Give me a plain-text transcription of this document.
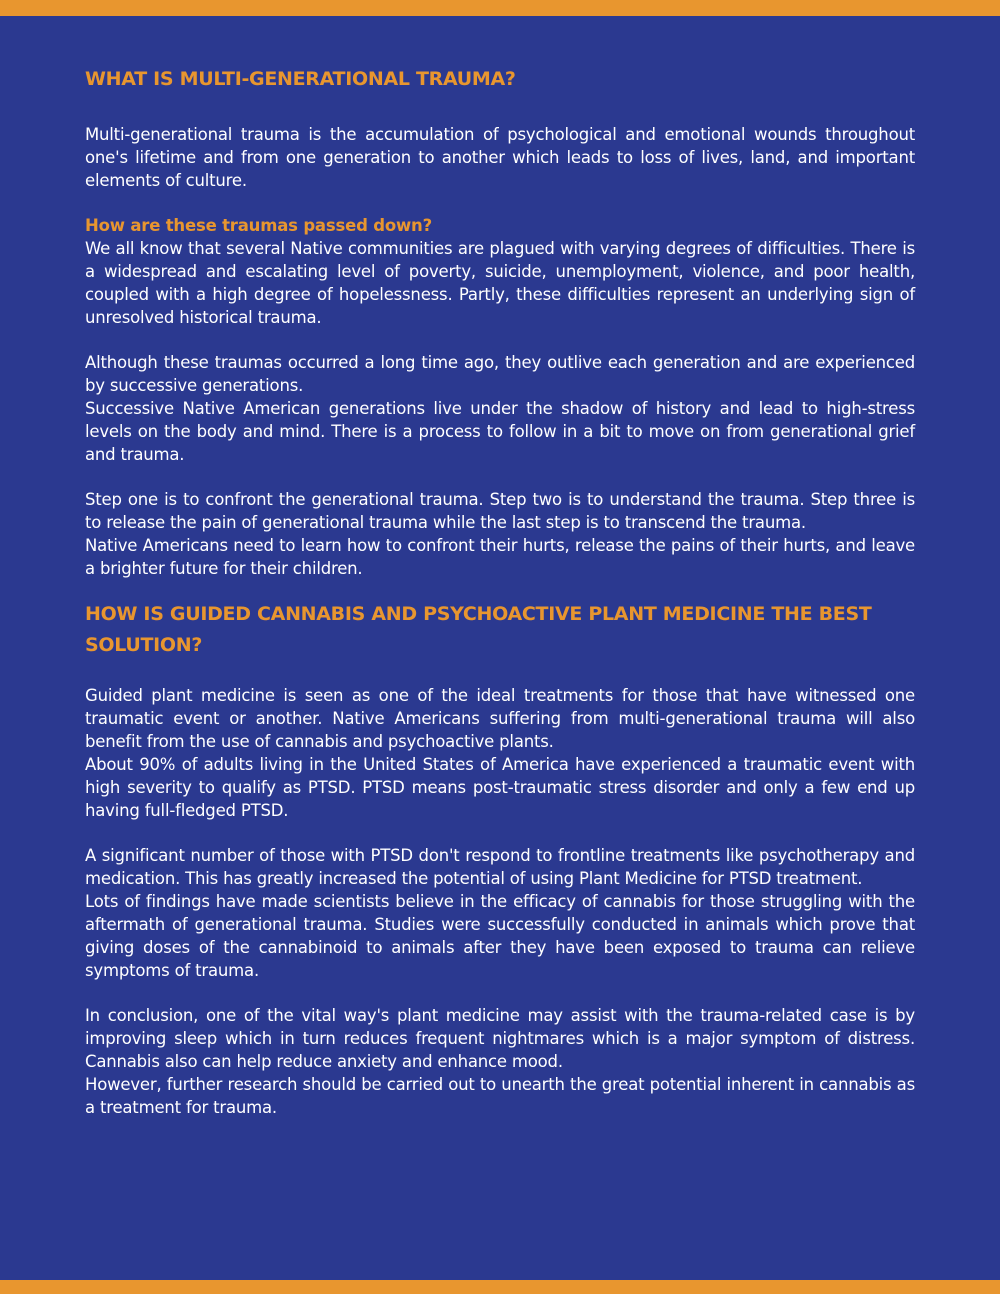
WHAT IS MULTI-GENERATIONAL TRAUMA?

Multi-generational trauma is the accumulation of psychological and emotional wounds throughout one's lifetime and from one generation to another which leads to loss of lives, land, and important elements of culture.

How are these traumas passed down?

We all know that several Native communities are plagued with varying degrees of difficulties. There is a widespread and escalating level of poverty, suicide, unemployment, violence, and poor health, coupled with a high degree of hopelessness. Partly, these difficulties represent an underlying sign of unresolved historical trauma.

Although these traumas occurred a long time ago, they outlive each generation and are experienced by successive generations.

Successive Native American generations live under the shadow of history and lead to high-stress levels on the body and mind. There is a process to follow in a bit to move on from generational grief and trauma.

Step one is to confront the generational trauma. Step two is to understand the trauma. Step three is to release the pain of generational trauma while the last step is to transcend the trauma.

Native Americans need to learn how to confront their hurts, release the pains of their hurts, and leave a brighter future for their children.

HOW IS GUIDED CANNABIS AND PSYCHOACTIVE PLANT MEDICINE THE BEST SOLUTION?

Guided plant medicine is seen as one of the ideal treatments for those that have witnessed one traumatic event or another. Native Americans suffering from multi-generational trauma will also benefit from the use of cannabis and psychoactive plants.

About 90% of adults living in the United States of America have experienced a traumatic event with high severity to qualify as PTSD. PTSD means post-traumatic stress disorder and only a few end up having full-fledged PTSD.

A significant number of those with PTSD don't respond to frontline treatments like psychotherapy and medication. This has greatly increased the potential of using Plant Medicine for PTSD treatment.

Lots of findings have made scientists believe in the efficacy of cannabis for those struggling with the aftermath of generational trauma. Studies were successfully conducted in animals which prove that giving doses of the cannabinoid to animals after they have been exposed to trauma can relieve symptoms of trauma.

In conclusion, one of the vital way's plant medicine may assist with the trauma-related case is by improving sleep which in turn reduces frequent nightmares which is a major symptom of distress. Cannabis also can help reduce anxiety and enhance mood.

However, further research should be carried out to unearth the great potential inherent in cannabis as a treatment for trauma.
